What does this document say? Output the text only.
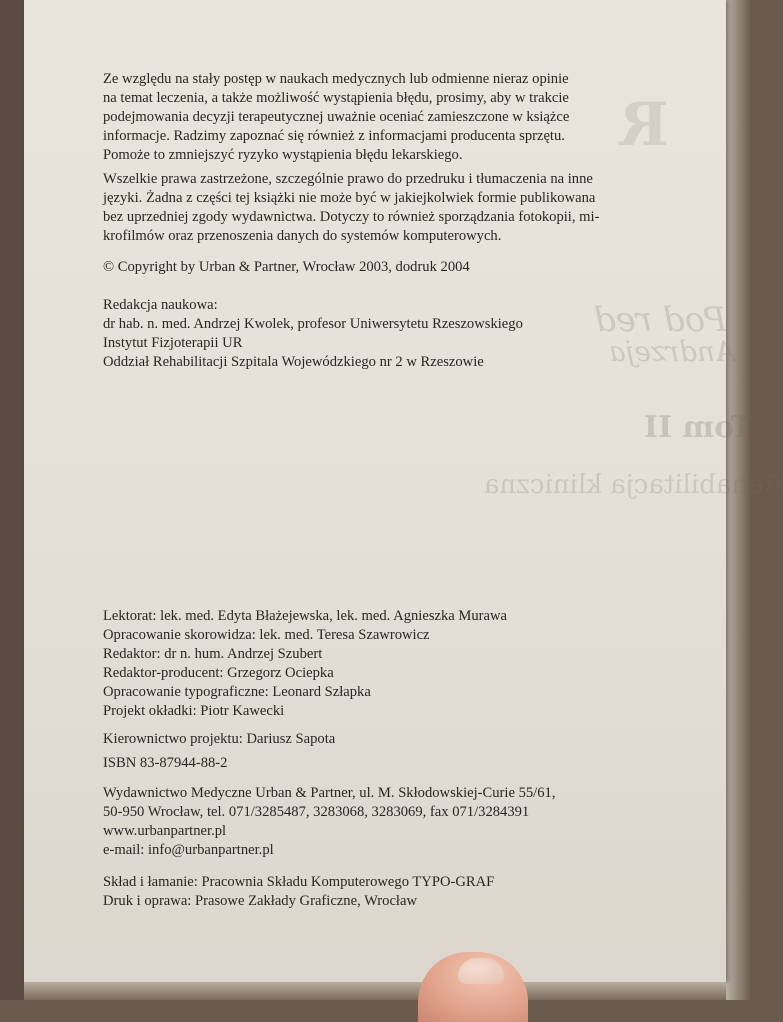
R
Pod red
Andrzeja
Tom II
Rehabilitacja kliniczna
Ze względu na stały postęp w naukach medycznych lub odmienne nieraz opinie
na temat leczenia, a także możliwość wystąpienia błędu, prosimy, aby w trakcie
podejmowania decyzji terapeutycznej uważnie oceniać zamieszczone w książce
informacje. Radzimy zapoznać się również z informacjami producenta sprzętu.
Pomoże to zmniejszyć ryzyko wystąpienia błędu lekarskiego.
Wszelkie prawa zastrzeżone, szczególnie prawo do przedruku i tłumaczenia na inne
języki. Żadna z części tej książki nie może być w jakiejkolwiek formie publikowana
bez uprzedniej zgody wydawnictwa. Dotyczy to również sporządzania fotokopii, mi-
krofilmów oraz przenoszenia danych do systemów komputerowych.
© Copyright by Urban & Partner, Wrocław 2003, dodruk 2004
Redakcja naukowa:
dr hab. n. med. Andrzej Kwolek, profesor Uniwersytetu Rzeszowskiego
Instytut Fizjoterapii UR
Oddział Rehabilitacji Szpitala Wojewódzkiego nr 2 w Rzeszowie
Lektorat: lek. med. Edyta Błażejewska, lek. med. Agnieszka Murawa
Opracowanie skorowidza: lek. med. Teresa Szawrowicz
Redaktor: dr n. hum. Andrzej Szubert
Redaktor-producent: Grzegorz Ociepka
Opracowanie typograficzne: Leonard Szłapka
Projekt okładki: Piotr Kawecki
Kierownictwo projektu: Dariusz Sapota
ISBN 83-87944-88-2
Wydawnictwo Medyczne Urban & Partner, ul. M. Skłodowskiej-Curie 55/61,
50-950 Wrocław, tel. 071/3285487, 3283068, 3283069, fax 071/3284391
www.urbanpartner.pl
e-mail: info@urbanpartner.pl
Skład i łamanie: Pracownia Składu Komputerowego TYPO-GRAF
Druk i oprawa: Prasowe Zakłady Graficzne, Wrocław
